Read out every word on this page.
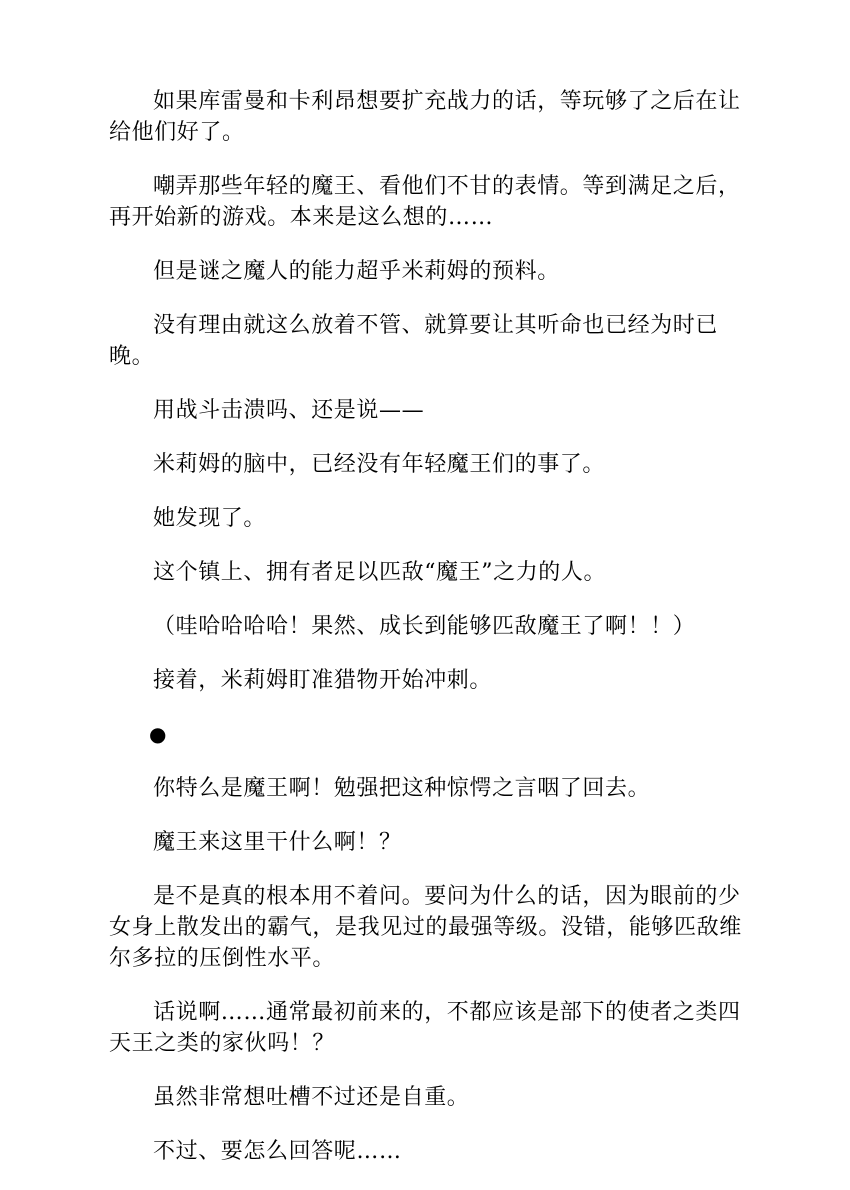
如果库雷曼和卡利昂想要扩充战力的话，等玩够了之后在让给他们好了。

嘲弄那些年轻的魔王、看他们不甘的表情。等到满足之后，再开始新的游戏。本来是这么想的……

但是谜之魔人的能力超乎米莉姆的预料。

没有理由就这么放着不管、就算要让其听命也已经为时已晚。

用战斗击溃吗、还是说——

米莉姆的脑中，已经没有年轻魔王们的事了。

她发现了。

这个镇上、拥有者足以匹敌“魔王”之力的人。

（哇哈哈哈哈！果然、成长到能够匹敌魔王了啊！！）

接着，米莉姆盯准猎物开始冲刺。

●

你特么是魔王啊！勉强把这种惊愕之言咽了回去。

魔王来这里干什么啊！？

是不是真的根本用不着问。要问为什么的话，因为眼前的少女身上散发出的霸气，是我见过的最强等级。没错，能够匹敌维尔多拉的压倒性水平。

话说啊……通常最初前来的，不都应该是部下的使者之类四天王之类的家伙吗！？

虽然非常想吐槽不过还是自重。

不过、要怎么回答呢……
